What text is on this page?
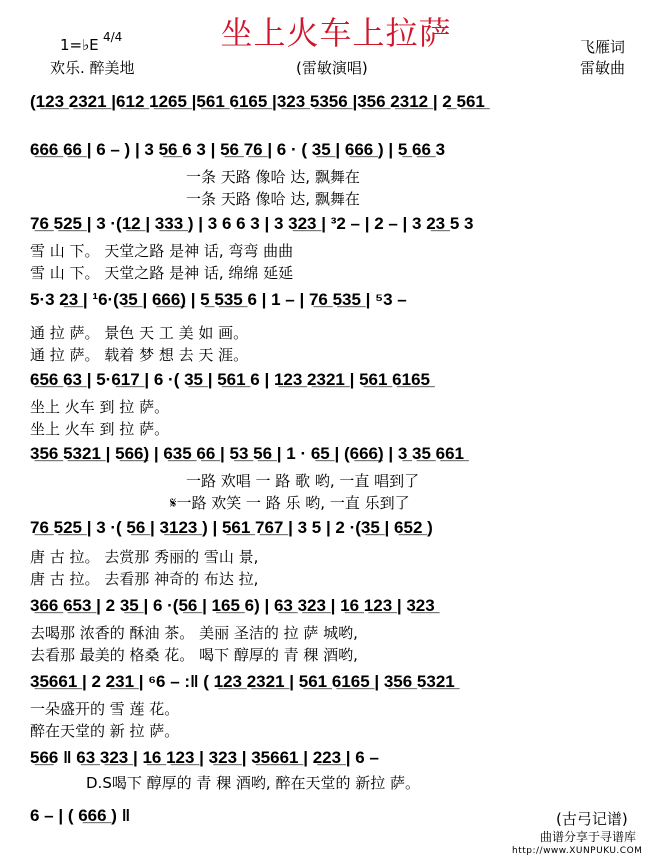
坐上火车上拉萨
1=♭E 4/4
欢乐. 醉美地	(雷敏演唱)
飞雁词
雷敏曲
(1̲2̲3̲ 2̲3̲2̲1̲ |6̲1̲2̲ 1̲2̲6̲5̲ |5̲6̲1̲ 6̲1̲6̲5̲ |3̲2̲3̲ 5̲3̲5̲6̲ |3̲5̲6̲ 2̲3̲1̲2̲ | 2̲ 5̲6̲1̲
6̲6̲6̲ 6̲6̲ | 6 – ) | 3 5̲6̲ 6 3 | 5̲6̲ 7̲6̲ | 6 · ( 3̲5̲ | 6̲6̲6̲ ) | 5̲ 6̲6̲ 3
一条 天路 像哈 达, 飘舞在
一条 天路 像哈 达, 飘舞在
7̲6̲ 5̲2̲5̲ | 3 ·(1̲2̲ | 3̲3̲3̲ ) | 3 6 6 3 | 3 3̲2̲3̲ | ³2 – | 2 – | 3 2̲3̲ 5 3
雪 山 下。 天堂之路 是神 话, 弯弯 曲曲
雪 山 下。 天堂之路 是神 话, 绵绵 延延
5·3 2̲3̲ | ¹6·(3̲5̲ | 6̲6̲6̲) | 5̲ 5̲3̲5̲ 6 | 1 – | 7̲6̲ 5̲3̲5̲ | ⁵3 –
通 拉 萨。 景色 天 工 美 如 画。
通 拉 萨。 载着 梦 想 去 天 涯。
6̲5̲6̲ 6̲3̲ | 5·6̲1̲7̲ | 6 ·( 3̲5̲ | 5̲6̲1̲ 6 | 1̲2̲3̲ 2̲3̲2̲1̲ | 5̲6̲1̲ 6̲1̲6̲5̲
坐上 火车 到 拉 萨。
坐上 火车 到 拉 萨。
3̲5̲6̲ 5̲3̲2̲1̲ | 5̲6̲6̲) | 6̲3̲5̲ 6̲6̲ | 5̲3̲ 5̲6̲ | 1 · 6̲5̲ | (6̲6̲6̲) | 3̲ 3̲5̲ 6̲6̲1̲
一路 欢唱 一 路 歌 哟, 一直 唱到了
𝄋一路 欢笑 一 路 乐 哟, 一直 乐到了
7̲6̲ 5̲2̲5̲ | 3 ·( 5̲6̲ | 3̲1̲2̲3̲ ) | 5̲6̲1̲ 7̲6̲7̲ | 3 5 | 2 ·(3̲5̲ | 6̲5̲2̲ )
唐 古 拉。 去赏那 秀丽的 雪山 景,
唐 古 拉。 去看那 神奇的 布达 拉,
3̲6̲6̲ 6̲5̲3̲ | 2 3̲5̲ | 6 ·(5̲6̲ | 1̲6̲5̲ 6) | 6̲3̲ 3̲2̲3̲ | 1̲6̲ 1̲2̲3̲ | 3̲2̲3̲
去喝那 浓香的 酥油 茶。 美丽 圣洁的 拉 萨 城哟,
去看那 最美的 格桑 花。 喝下 醇厚的 青 稞 酒哟,
3̲5̲6̲6̲1̲ | 2 2̲3̲1̲ | ⁶6 – :‖ ( 1̲2̲3̲ 2̲3̲2̲1̲ | 5̲6̲1̲ 6̲1̲6̲5̲ | 3̲5̲6̲ 5̲3̲2̲1̲
一朵盛开的 雪 莲 花。
醉在天堂的 新 拉 萨。
5̲6̲6 ‖ 6̲3̲ 3̲2̲3̲ | 1̲6̲ 1̲2̲3̲ | 3̲2̲3̲ | 3̲5̲6̲6̲1̲ | 2̲2̲3̲ | 6 –
D.S喝下 醇厚的 青 稞 酒哟, 醉在天堂的 新拉 萨。
6 – | ( 6̲6̲6̲ ) ‖	(古弓记谱)
曲谱分享于寻谱库
http://www.XUNPUKU.COM
